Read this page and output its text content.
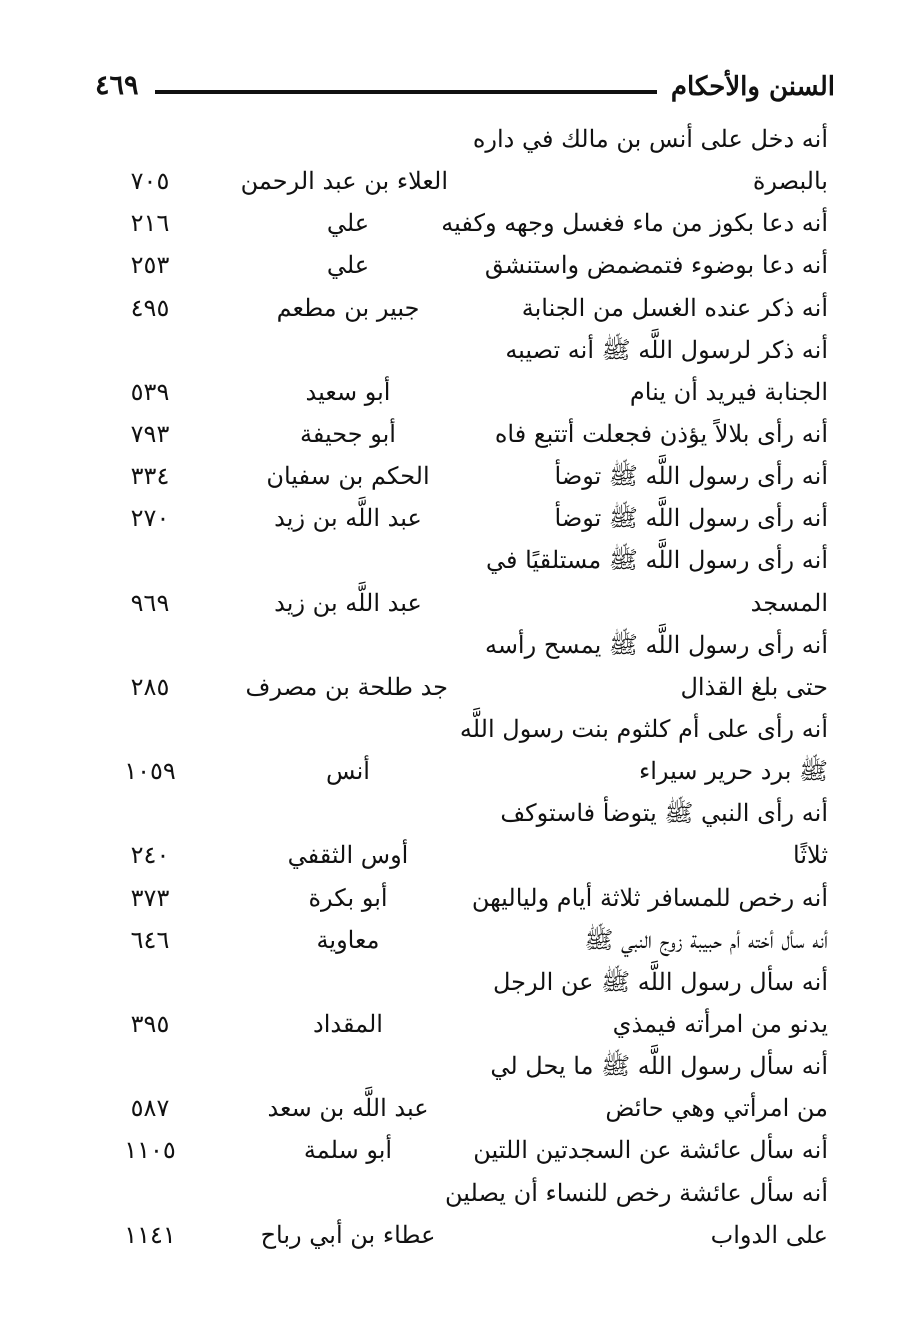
السنن والأحكام
٤٦٩
أنه دخل على أنس بن مالك في داره
بالبصرة
العلاء بن عبد الرحمن
٧٠٥
أنه دعا بكوز من ماء فغسل وجهه وكفيه
علي
٢١٦
أنه دعا بوضوء فتمضمض واستنشق
علي
٢٥٣
أنه ذكر عنده الغسل من الجنابة
جبير بن مطعم
٤٩٥
أنه ذكر لرسول اللَّه ﷺ أنه تصيبه
الجنابة فيريد أن ينام
أبو سعيد
٥٣٩
أنه رأى بلالاً يؤذن فجعلت أتتبع فاه
أبو جحيفة
٧٩٣
أنه رأى رسول اللَّه ﷺ توضأ
الحكم بن سفيان
٣٣٤
أنه رأى رسول اللَّه ﷺ توضأ
عبد اللَّه بن زيد
٢٧٠
أنه رأى رسول اللَّه ﷺ مستلقيًا في
المسجد
عبد اللَّه بن زيد
٩٦٩
أنه رأى رسول اللَّه ﷺ يمسح رأسه
حتى بلغ القذال
جد طلحة بن مصرف
٢٨٥
أنه رأى على أم كلثوم بنت رسول اللَّه
ﷺ برد حرير سيراء
أنس
١٠٥٩
أنه رأى النبي ﷺ يتوضأ فاستوكف
ثلاثًا
أوس الثقفي
٢٤٠
أنه رخص للمسافر ثلاثة أيام ولياليهن
أبو بكرة
٣٧٣
أنه سأل أخته أم حبيبة زوج النبي ﷺ
معاوية
٦٤٦
أنه سأل رسول اللَّه ﷺ عن الرجل
يدنو من امرأته فيمذي
المقداد
٣٩٥
أنه سأل رسول اللَّه ﷺ ما يحل لي
من امرأتي وهي حائض
عبد اللَّه بن سعد
٥٨٧
أنه سأل عائشة عن السجدتين اللتين
أبو سلمة
١١٠٥
أنه سأل عائشة رخص للنساء أن يصلين
على الدواب
عطاء بن أبي رباح
١١٤١
